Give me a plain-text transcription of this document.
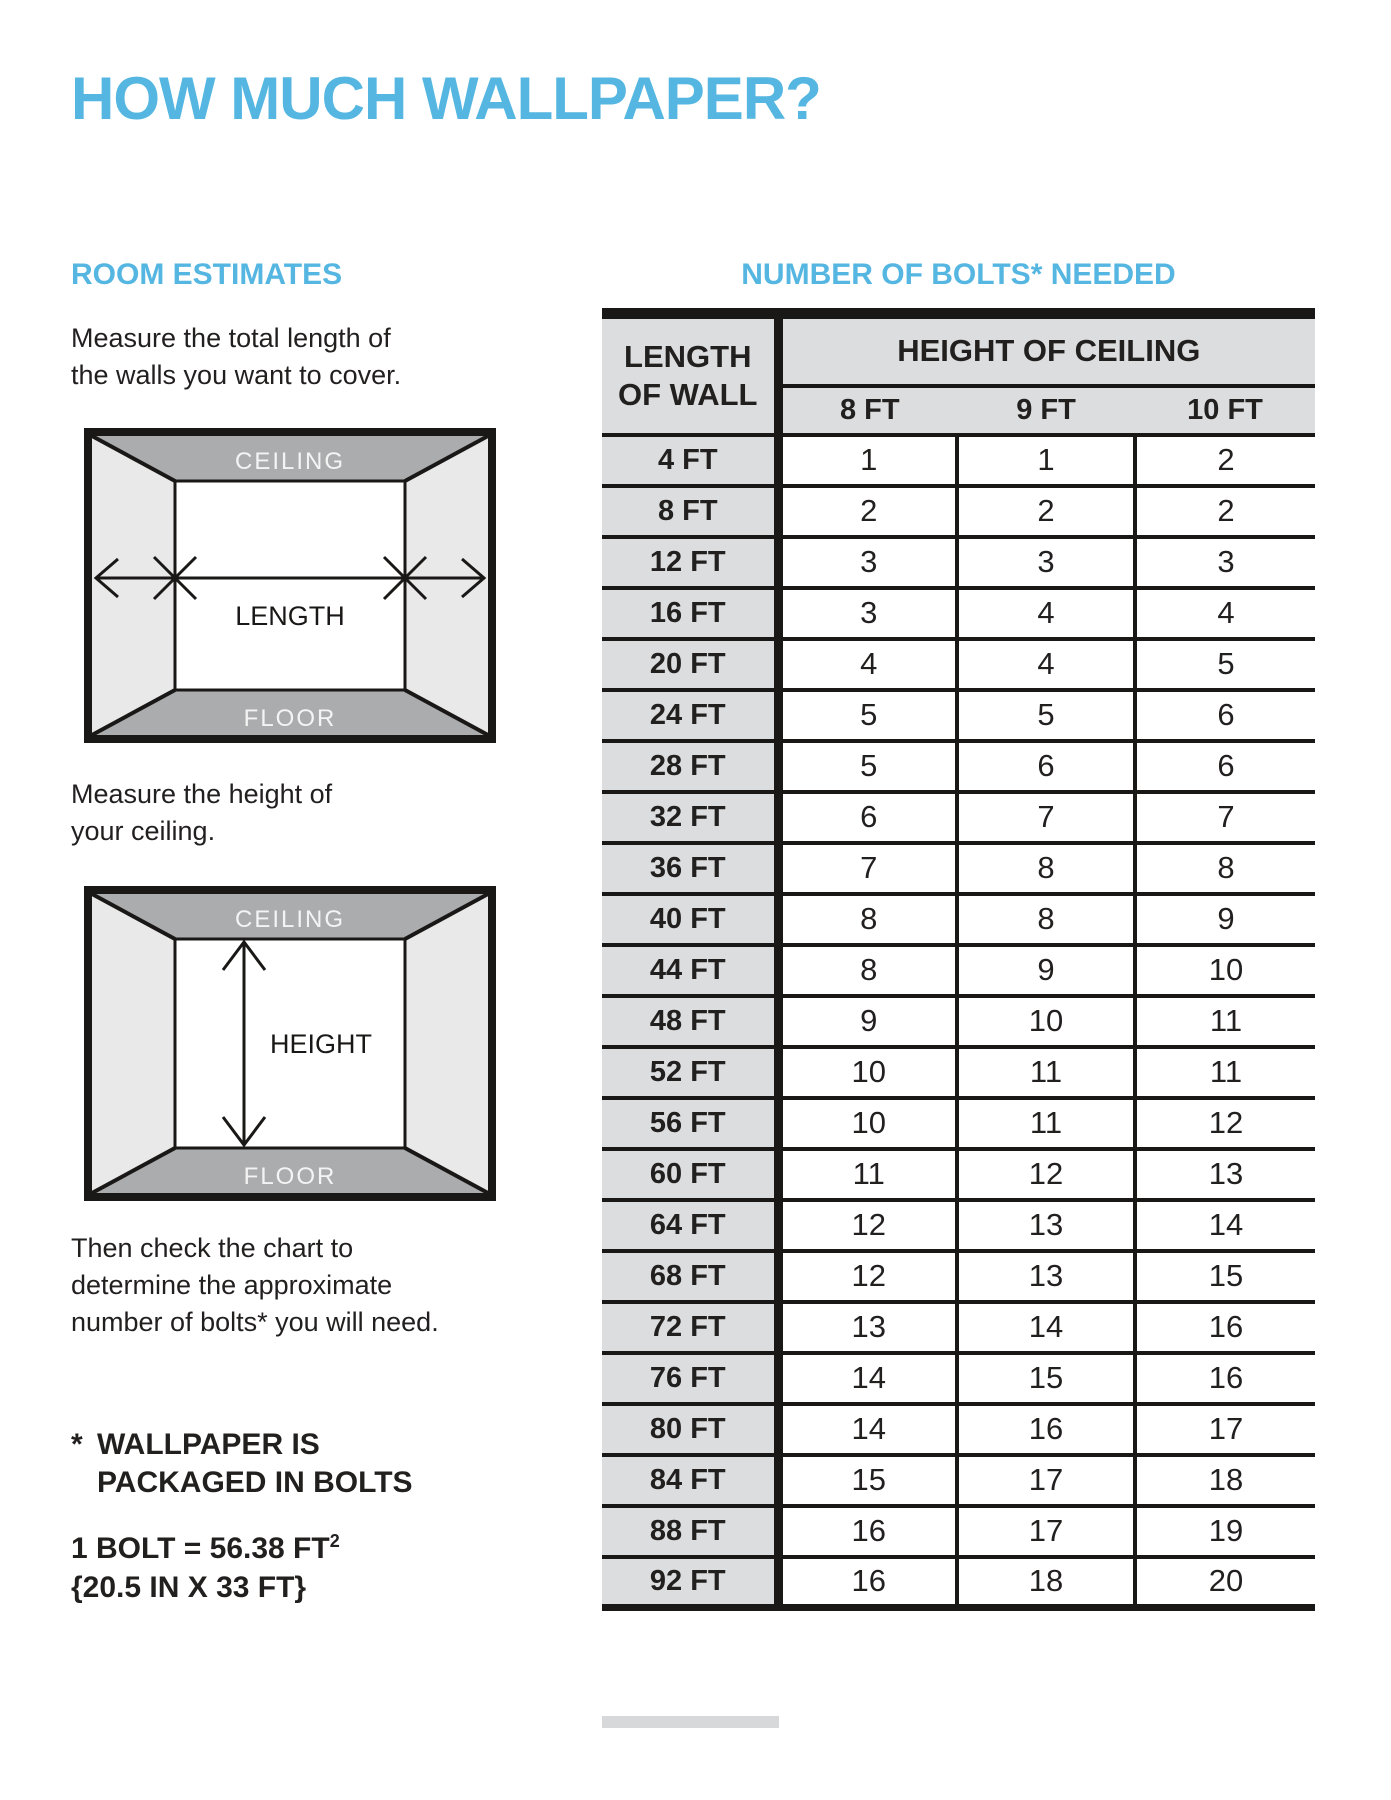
HOW MUCH WALLPAPER?
ROOM ESTIMATES
Measure the total length of
the walls you want to cover.
CEILING
FLOOR
LENGTH
Measure the height of
your ceiling.
CEILING
FLOOR
HEIGHT
Then check the chart to
determine the approximate
number of bolts* you will need.
* WALLPAPER IS
PACKAGED IN BOLTS
1 BOLT = 56.38 $FT^2$
{20.5 IN X 33 FT}
NUMBER OF BOLTS* NEEDED
LENGTH
OF WALL	HEIGHT OF CEILING		
	8 FT	9 FT	10 FT
4 FT	1	1	2
8 FT	2	2	2
12 FT	3	3	3
16 FT	3	4	4
20 FT	4	4	5
24 FT	5	5	6
28 FT	5	6	6
32 FT	6	7	7
36 FT	7	8	8
40 FT	8	8	9
44 FT	8	9	10
48 FT	9	10	11
52 FT	10	11	11
56 FT	10	11	12
60 FT	11	12	13
64 FT	12	13	14
68 FT	12	13	15
72 FT	13	14	16
76 FT	14	15	16
80 FT	14	16	17
84 FT	15	17	18
88 FT	16	17	19
92 FT	16	18	20
